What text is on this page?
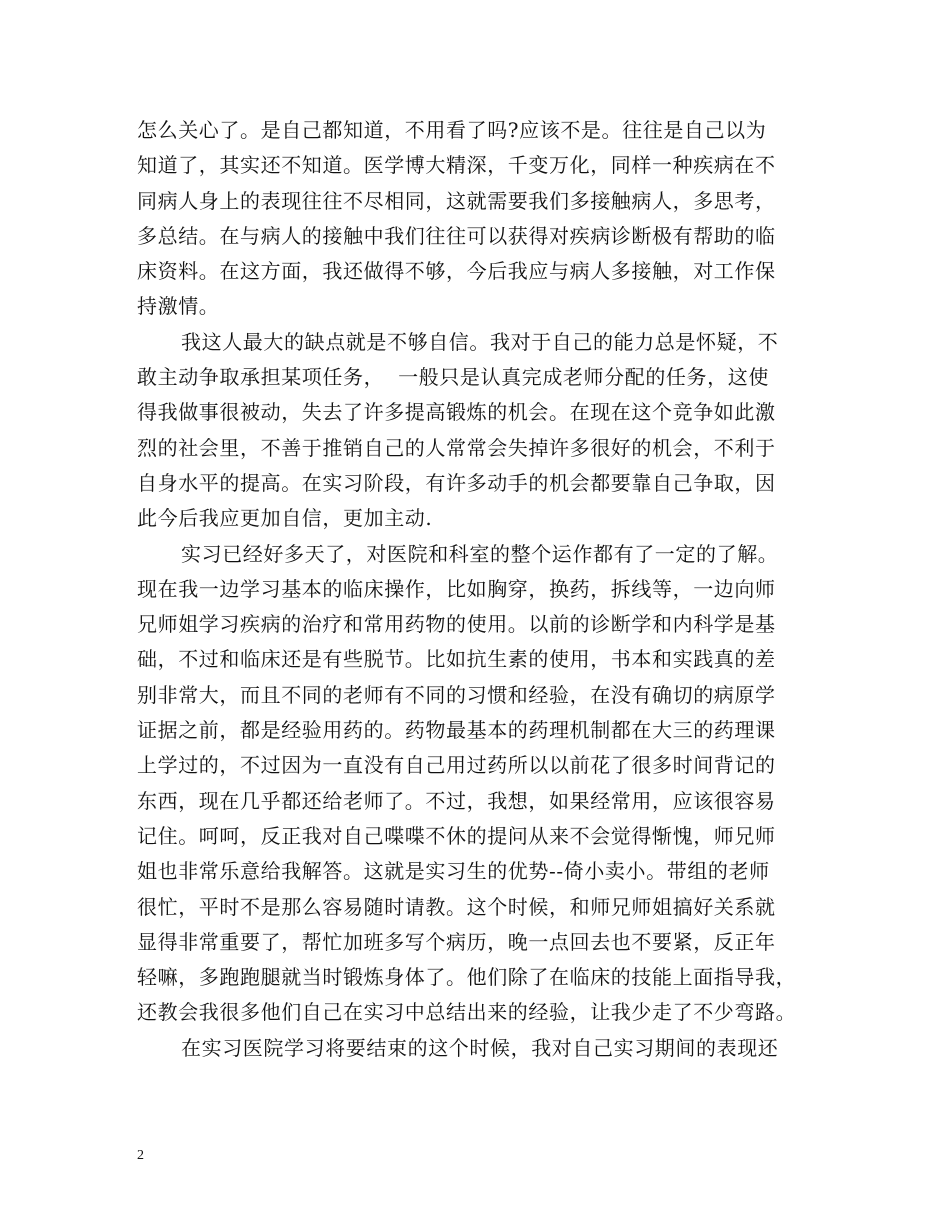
怎么关心了。是自己都知道，不用看了吗?应该不是。往往是自己以为
知道了，其实还不知道。医学博大精深，千变万化，同样一种疾病在不
同病人身上的表现往往不尽相同，这就需要我们多接触病人，多思考，
多总结。在与病人的接触中我们往往可以获得对疾病诊断极有帮助的临
床资料。在这方面，我还做得不够，今后我应与病人多接触，对工作保
持激情。
我这人最大的缺点就是不够自信。我对于自己的能力总是怀疑，不
敢主动争取承担某项任务，  一般只是认真完成老师分配的任务，这使
得我做事很被动，失去了许多提高锻炼的机会。在现在这个竞争如此激
烈的社会里，不善于推销自己的人常常会失掉许多很好的机会，不利于
自身水平的提高。在实习阶段，有许多动手的机会都要靠自己争取，因
此今后我应更加自信，更加主动.
实习已经好多天了，对医院和科室的整个运作都有了一定的了解。
现在我一边学习基本的临床操作，比如胸穿，换药，拆线等，一边向师
兄师姐学习疾病的治疗和常用药物的使用。以前的诊断学和内科学是基
础，不过和临床还是有些脱节。比如抗生素的使用，书本和实践真的差
别非常大，而且不同的老师有不同的习惯和经验，在没有确切的病原学
证据之前，都是经验用药的。药物最基本的药理机制都在大三的药理课
上学过的，不过因为一直没有自己用过药所以以前花了很多时间背记的
东西，现在几乎都还给老师了。不过，我想，如果经常用，应该很容易
记住。呵呵，反正我对自己喋喋不休的提问从来不会觉得惭愧，师兄师
姐也非常乐意给我解答。这就是实习生的优势--倚小卖小。带组的老师
很忙，平时不是那么容易随时请教。这个时候，和师兄师姐搞好关系就
显得非常重要了，帮忙加班多写个病历，晚一点回去也不要紧，反正年
轻嘛，多跑跑腿就当时锻炼身体了。他们除了在临床的技能上面指导我，
还教会我很多他们自己在实习中总结出来的经验，让我少走了不少弯路。
在实习医院学习将要结束的这个时候，我对自己实习期间的表现还
2
